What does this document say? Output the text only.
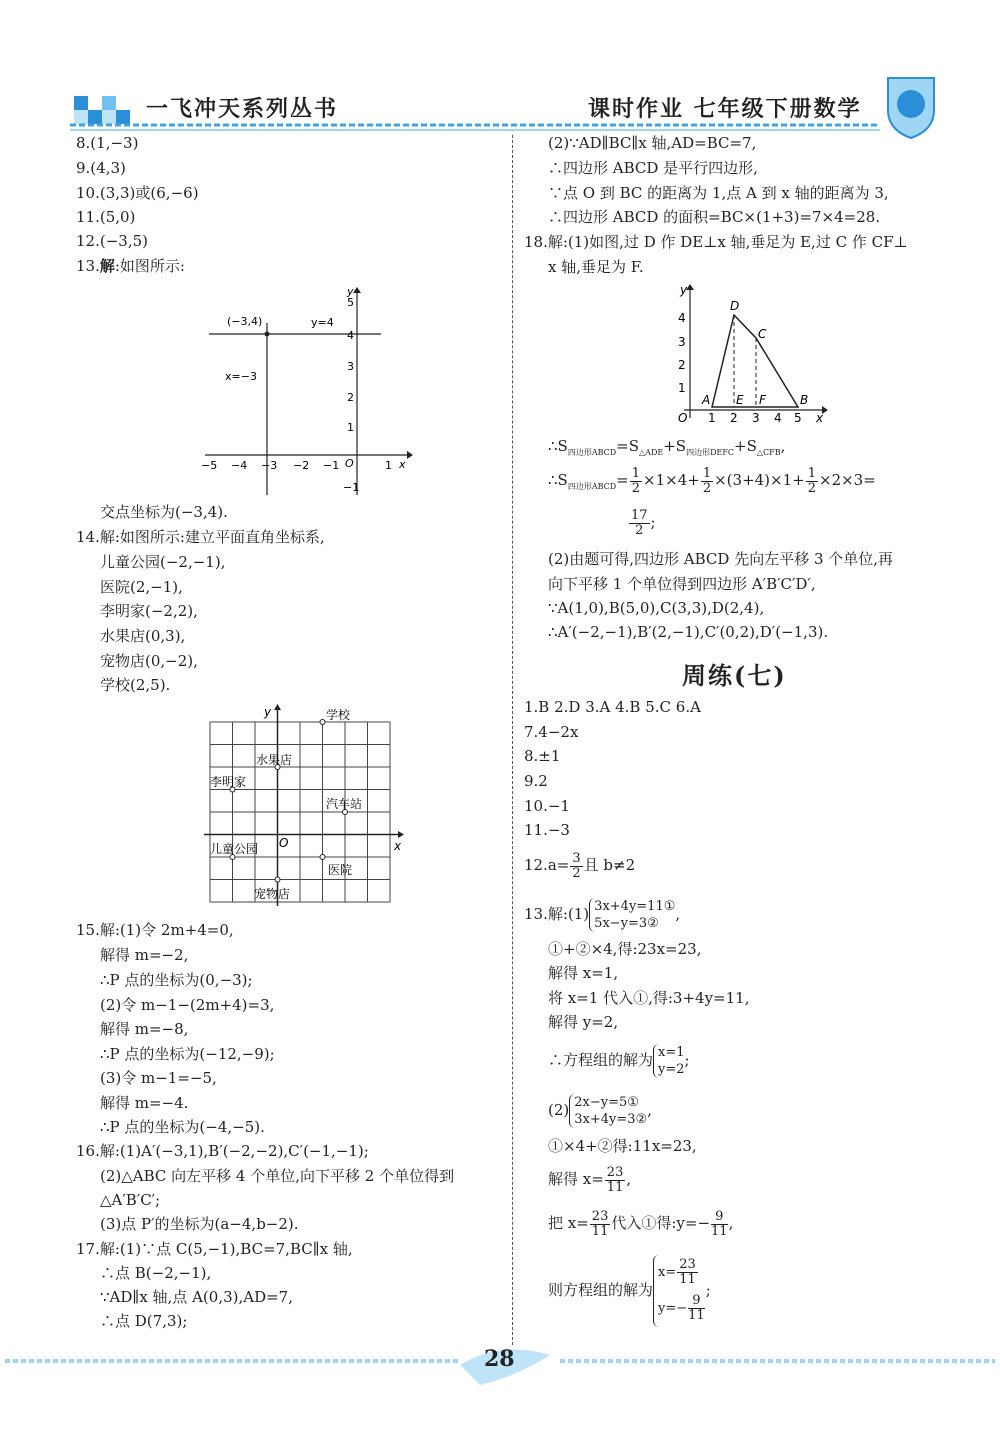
一飞冲天系列丛书	课时作业 七年级下册数学
8.(1,−3)
9.(4,3)
10.(3,3)或(6,−6)
11.(5,0)
12.(−3,5)
13.解:如图所示:
y
x
O
(−3,4)	y=4
x=−3
−5 −4 −3 −2 −1	1
5
4
3
2
1
−1
交点坐标为(−3,4).
14.解:如图所示:建立平面直角坐标系,
儿童公园(−2,−1),
医院(2,−1),
李明家(−2,2),
水果店(0,3),
宠物店(0,−2),
学校(2,5).
y
x
O
学校
水果店
李明家
汽车站
儿童公园
医院
宠物店
15.解:(1)令 2m+4=0,
解得 m=−2,
∴P 点的坐标为(0,−3);
(2)令 m−1−(2m+4)=3,
解得 m=−8,
∴P 点的坐标为(−12,−9);
(3)令 m−1=−5,
解得 m=−4.
∴P 点的坐标为(−4,−5).
16.解:(1)A′(−3,1),B′(−2,−2),C′(−1,−1);
(2)△ABC 向左平移 4 个单位,向下平移 2 个单位得到
△A′B′C′;
(3)点 P′的坐标为(a−4,b−2).
17.解:(1)∵点 C(5,−1),BC=7,BC∥x 轴,
∴点 B(−2,−1),
∵AD∥x 轴,点 A(0,3),AD=7,
∴点 D(7,3);
(2)∵AD∥BC∥x 轴,AD=BC=7,
∴四边形 ABCD 是平行四边形,
∵点 O 到 BC 的距离为 1,点 A 到 x 轴的距离为 3,
∴四边形 ABCD 的面积=BC×(1+3)=7×4=28.
18.解:(1)如图,过 D 作 DE⊥x 轴,垂足为 E,过 C 作 CF⊥
x 轴,垂足为 F.
y
x
O
A	B
C
D
E F
1 2 3 4 5
1
2
3
4
$\therefore S_{四边形ABCD}=S_{\triangle ADE}+S_{四边形DEFC}+S_{\triangle CFB}$,
$\therefore S_{四边形ABCD}= \frac{1}{2} \times 1\times 4+ \frac{1}{2} \times(3+4)\times 1+ \frac{1}{2} \times 2\times 3=$
$\frac{17}{2}$ ;
(2)由题可得,四边形 ABCD 先向左平移 3 个单位,再
向下平移 1 个单位得到四边形 A′B′C′D′,
∵A(1,0),B(5,0),C(3,3),D(2,4),
∴A′(−2,−1),B′(2,−1),C′(0,2),D′(−1,3).
周练(七)
1.B 2.D 3.A 4.B 5.C 6.A
7.4−2x
8.±1
9.2
10.−1
11.−3
$12.a= \frac{3}{2}$ 且 b≠2
13.解:(1) 3x+4y=11①
5x−y=3②
,
①+②×4,得:23x=23,
解得 x=1,
将 x=1 代入①,得:3+4y=11,
解得 y=2,
∴方程组的解为 x=1
y=2
;
(2) 2x−y=5①
3x+4y=3②
,
①×4+②得:11x=23,
解得 $x= \frac{23}{11}$ ,
把 $x= \frac{23}{11}$ 代入①得:y=− $\frac{9}{11}$ ,
则方程组的解为
$x= \frac{23}{11}$
$y=- \frac{9}{11}$
;
28
